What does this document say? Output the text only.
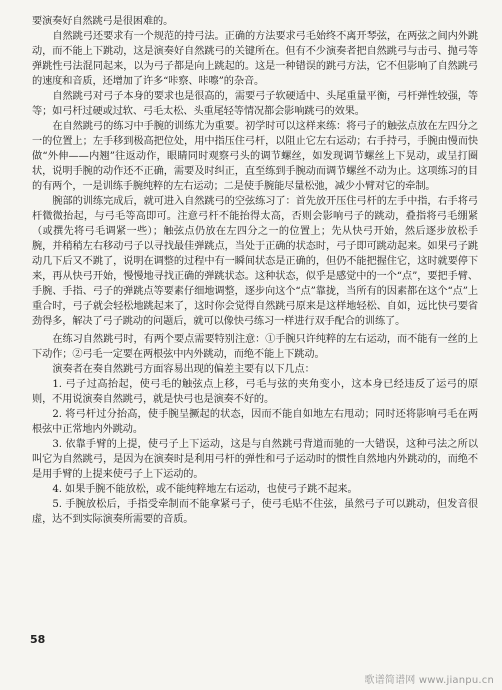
要演奏好自然跳弓是很困难的。

自然跳弓还要求有一个规范的持弓法。正确的方法要求弓毛始终不离开琴弦，在两弦之间内外跳动，而不能上下跳动，这是演奏好自然跳弓的关键所在。但有不少演奏者把自然跳弓与击弓、抛弓等弹跳性弓法混同起来，以为弓子都是向上跳起的。这是一种错误的跳弓方法，它不但影响了自然跳弓的速度和音质，还增加了许多“咔察、咔嚓”的杂音。

自然跳弓对弓子本身的要求也是很高的，需要弓子软硬适中、头尾重量平衡，弓杆弹性较强，等等；如弓杆过硬或过软、弓毛太松、头重尾轻等情况都会影响跳弓的效果。

在自然跳弓的练习中手腕的训练尤为重要。初学时可以这样来练：将弓子的触弦点放在左四分之一的位置上；左手移到极高把位处，用中指压住弓杆，以阻止它左右运动；右手持弓，手腕由慢而快做“外伸——内翘”往返动作，眼睛同时观察弓头的调节螺丝，如发现调节螺丝上下晃动，或呈打圈状，说明手腕的动作还不正确，需要及时纠正，直至练到手腕动而调节螺丝不动为止。这项练习的目的有两个，一是训练手腕纯粹的左右运动；二是使手腕能尽量松弛，减少小臂对它的牵制。

腕部的训练完成后，就可进入自然跳弓的空弦练习了：首先放开压住弓杆的左手中指，右手将弓杆微微抬起，与弓毛等高即可。注意弓杆不能抬得太高，否则会影响弓子的跳动，叠指将弓毛绷紧（或撰先将弓毛调紧一些）；触弦点仍放在左四分之一的位置上；先从快弓开始，然后逐步放松手腕，并稍稍左右移动弓子以寻找最佳弹跳点，当处于正确的状态时，弓子即可跳动起来。如果弓子跳动几下后又不跳了，说明在调整的过程中有一瞬间状态是正确的，但仍不能把握住它，这时就要停下来，再从快弓开始，慢慢地寻找正确的弹跳状态。这种状态，似乎是感觉中的一个“点”，要把手臂、手腕、手指、弓子的弹跳点等要素仔细地调整，逐步向这个“点”靠拢，当所有的因素都在这个“点”上重合时，弓子就会轻松地跳起来了，这时你会觉得自然跳弓原来是这样地轻松、自如，远比快弓要省劲得多，解决了弓子跳动的问题后，就可以像快弓练习一样进行双手配合的训练了。

在练习自然跳弓时，有两个要点需要特别注意：①手腕只许纯粹的左右运动，而不能有一丝的上下动作；②弓毛一定要在两根弦中内外跳动，而绝不能上下跳动。

演奏者在奏自然跳弓方面容易出现的偏差主要有以下几点：

1. 弓子过高抬起，使弓毛的触弦点上移，弓毛与弦的夹角变小，这本身已经违反了运弓的原则，不用说演奏自然跳弓，就是快弓也是演奏不好的。

2. 将弓杆过分抬高，使手腕呈撅起的状态，因而不能自如地左右甩动；同时还将影响弓毛在两根弦中正常地内外跳动。

3. 依靠手臂的上提，使弓子上下运动，这是与自然跳弓背道而驰的一大错误，这种弓法之所以叫它为自然跳弓，是因为在演奏时是利用弓杆的弹性和弓子运动时的惯性自然地内外跳动的，而绝不是用手臂的上提来使弓子上下运动的。

4. 如果手腕不能放松，或不能纯粹地左右运动，也使弓子跳不起来。

5. 手腕放松后，手指受牵制而不能拿紧弓子，使弓毛贴不住弦，虽然弓子可以跳动，但发音很虚，达不到实际演奏所需要的音质。

58
歌谱简谱网 www.jianpu.cn
